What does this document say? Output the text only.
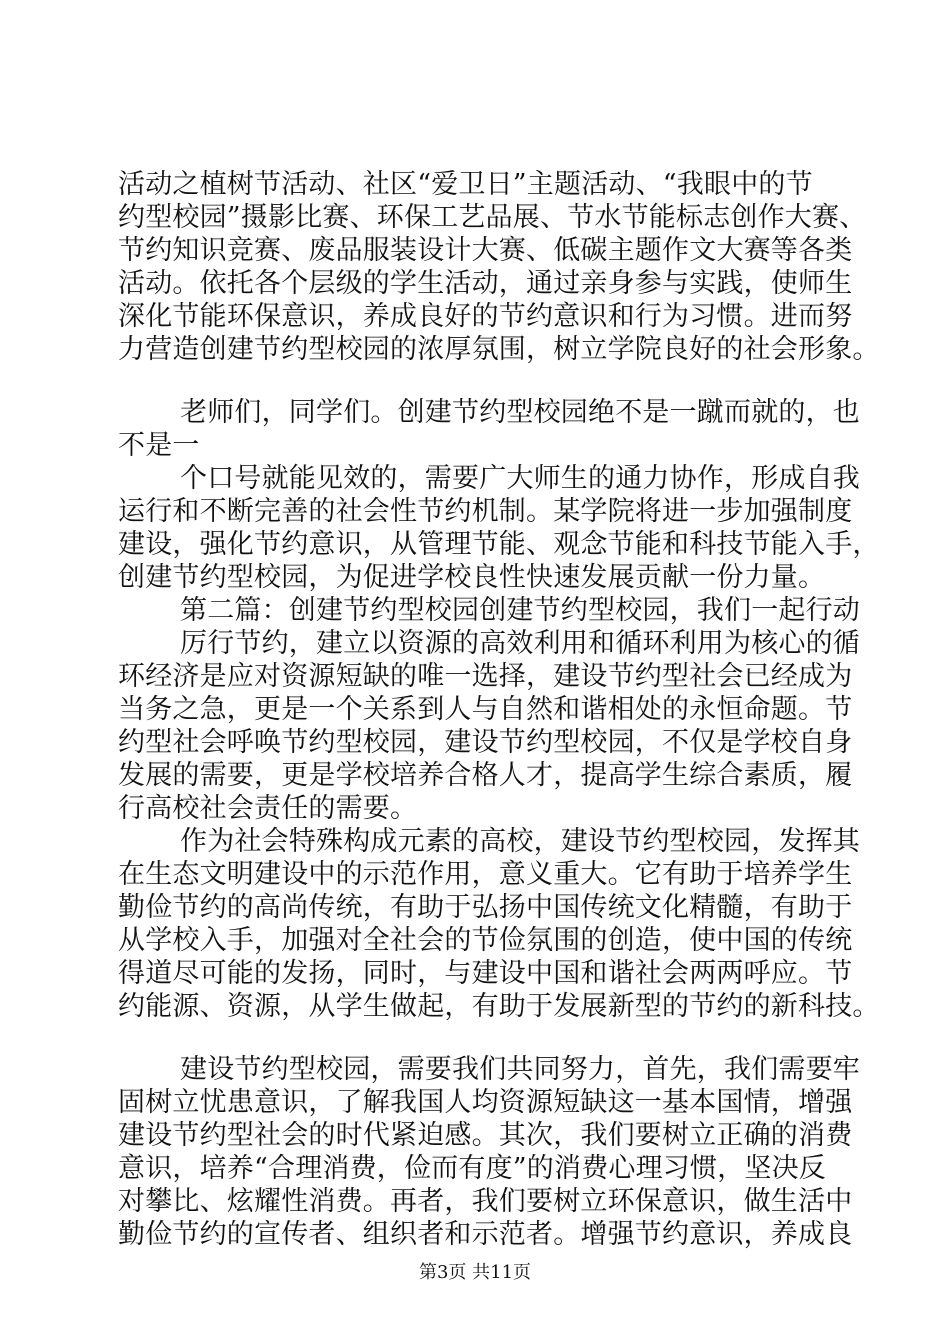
活动之植树节活动、社区“爱卫日”主题活动、“我眼中的节
约型校园”摄影比赛、环保工艺品展、节水节能标志创作大赛、
节约知识竞赛、废品服装设计大赛、低碳主题作文大赛等各类
活动。依托各个层级的学生活动，通过亲身参与实践，使师生
深化节能环保意识，养成良好的节约意识和行为习惯。进而努
力营造创建节约型校园的浓厚氛围，树立学院良好的社会形象。
老师们，同学们。创建节约型校园绝不是一蹴而就的，也
不是一
个口号就能见效的，需要广大师生的通力协作，形成自我
运行和不断完善的社会性节约机制。某学院将进一步加强制度
建设，强化节约意识，从管理节能、观念节能和科技节能入手，
创建节约型校园，为促进学校良性快速发展贡献一份力量。
第二篇：创建节约型校园创建节约型校园，我们一起行动
厉行节约，建立以资源的高效利用和循环利用为核心的循
环经济是应对资源短缺的唯一选择，建设节约型社会已经成为
当务之急，更是一个关系到人与自然和谐相处的永恒命题。节
约型社会呼唤节约型校园，建设节约型校园，不仅是学校自身
发展的需要，更是学校培养合格人才，提高学生综合素质，履
行高校社会责任的需要。
作为社会特殊构成元素的高校，建设节约型校园，发挥其
在生态文明建设中的示范作用，意义重大。它有助于培养学生
勤俭节约的高尚传统，有助于弘扬中国传统文化精髓，有助于
从学校入手，加强对全社会的节俭氛围的创造，使中国的传统
得道尽可能的发扬，同时，与建设中国和谐社会两两呼应。节
约能源、资源，从学生做起，有助于发展新型的节约的新科技。
建设节约型校园，需要我们共同努力，首先，我们需要牢
固树立忧患意识，了解我国人均资源短缺这一基本国情，增强
建设节约型社会的时代紧迫感。其次，我们要树立正确的消费
意识，培养“合理消费，俭而有度”的消费心理习惯，坚决反
对攀比、炫耀性消费。再者，我们要树立环保意识，做生活中
勤俭节约的宣传者、组织者和示范者。增强节约意识，养成良
第3页 共11页
